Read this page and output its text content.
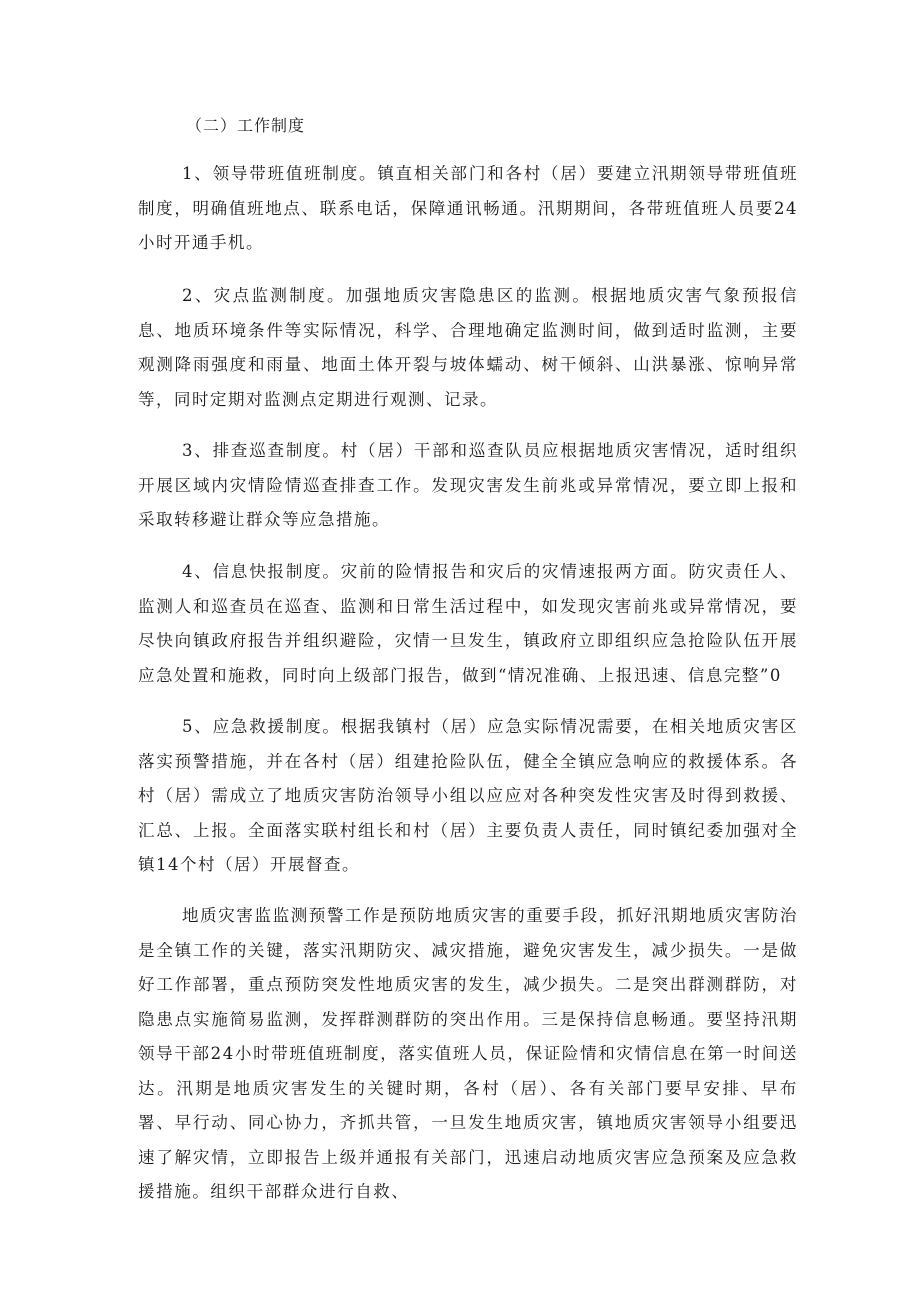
（二）工作制度

1、领导带班值班制度。镇直相关部门和各村（居）要建立汛期领导带班值班制度，明确值班地点、联系电话，保障通讯畅通。汛期期间，各带班值班人员要24小时开通手机。

2、灾点监测制度。加强地质灾害隐患区的监测。根据地质灾害气象预报信息、地质环境条件等实际情况，科学、合理地确定监测时间，做到适时监测，主要观测降雨强度和雨量、地面土体开裂与坡体蠕动、树干倾斜、山洪暴涨、惊响异常等，同时定期对监测点定期进行观测、记录。

3、排查巡查制度。村（居）干部和巡查队员应根据地质灾害情况，适时组织开展区域内灾情险情巡查排查工作。发现灾害发生前兆或异常情况，要立即上报和采取转移避让群众等应急措施。

4、信息快报制度。灾前的险情报告和灾后的灾情速报两方面。防灾责任人、监测人和巡查员在巡查、监测和日常生活过程中，如发现灾害前兆或异常情况，要尽快向镇政府报告并组织避险，灾情一旦发生，镇政府立即组织应急抢险队伍开展应急处置和施救，同时向上级部门报告，做到“情况准确、上报迅速、信息完整”0

5、应急救援制度。根据我镇村（居）应急实际情况需要，在相关地质灾害区落实预警措施，并在各村（居）组建抢险队伍，健全全镇应急响应的救援体系。各村（居）需成立了地质灾害防治领导小组以应应对各种突发性灾害及时得到救援、汇总、上报。全面落实联村组长和村（居）主要负责人责任，同时镇纪委加强对全镇14个村（居）开展督查。

地质灾害监监测预警工作是预防地质灾害的重要手段，抓好汛期地质灾害防治是全镇工作的关键，落实汛期防灾、减灾措施，避免灾害发生，减少损失。一是做好工作部署，重点预防突发性地质灾害的发生，减少损失。二是突出群测群防，对隐患点实施简易监测，发挥群测群防的突出作用。三是保持信息畅通。要坚持汛期领导干部24小时带班值班制度，落实值班人员，保证险情和灾情信息在第一时间送达。汛期是地质灾害发生的关键时期，各村（居）、各有关部门要早安排、早布署、早行动、同心协力，齐抓共管，一旦发生地质灾害，镇地质灾害领导小组要迅速了解灾情，立即报告上级并通报有关部门，迅速启动地质灾害应急预案及应急救援措施。组织干部群众进行自救、
